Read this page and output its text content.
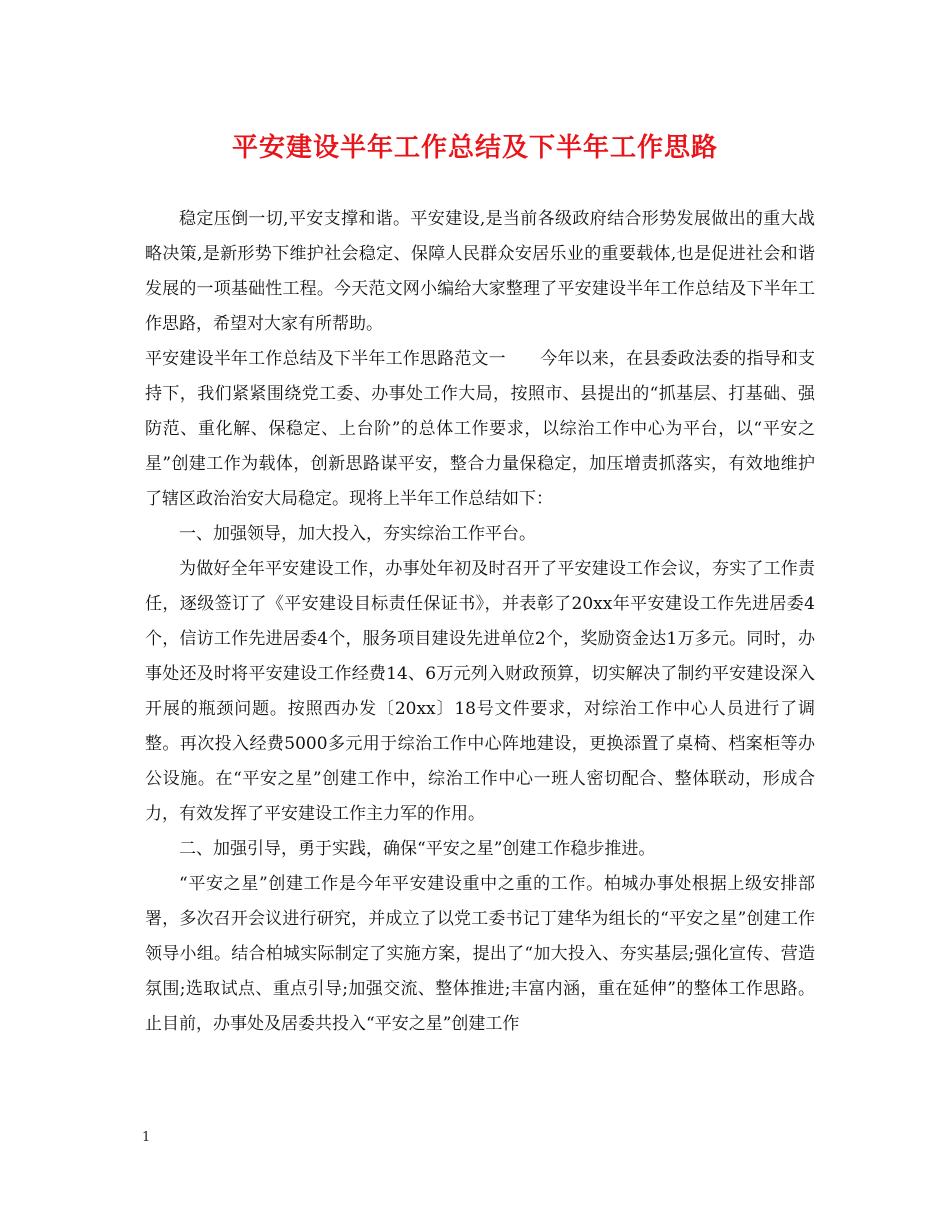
平安建设半年工作总结及下半年工作思路

稳定压倒一切,平安支撑和谐。平安建设,是当前各级政府结合形势发展做出的重大战略决策,是新形势下维护社会稳定、保障人民群众安居乐业的重要载体,也是促进社会和谐发展的一项基础性工程。今天范文网小编给大家整理了平安建设半年工作总结及下半年工作思路，希望对大家有所帮助。

平安建设半年工作总结及下半年工作思路范文一　　今年以来，在县委政法委的指导和支持下，我们紧紧围绕党工委、办事处工作大局，按照市、县提出的“抓基层、打基础、强防范、重化解、保稳定、上台阶”的总体工作要求，以综治工作中心为平台，以“平安之星”创建工作为载体，创新思路谋平安，整合力量保稳定，加压增责抓落实，有效地维护了辖区政治治安大局稳定。现将上半年工作总结如下：

一、加强领导，加大投入，夯实综治工作平台。

为做好全年平安建设工作，办事处年初及时召开了平安建设工作会议，夯实了工作责任，逐级签订了《平安建设目标责任保证书》，并表彰了20xx年平安建设工作先进居委4个，信访工作先进居委4个，服务项目建设先进单位2个，奖励资金达1万多元。同时，办事处还及时将平安建设工作经费14、6万元列入财政预算，切实解决了制约平安建设深入开展的瓶颈问题。按照西办发〔20xx〕18号文件要求，对综治工作中心人员进行了调整。再次投入经费5000多元用于综治工作中心阵地建设，更换添置了桌椅、档案柜等办公设施。在“平安之星”创建工作中，综治工作中心一班人密切配合、整体联动，形成合力，有效发挥了平安建设工作主力军的作用。

二、加强引导，勇于实践，确保“平安之星”创建工作稳步推进。

“平安之星”创建工作是今年平安建设重中之重的工作。柏城办事处根据上级安排部署，多次召开会议进行研究，并成立了以党工委书记丁建华为组长的“平安之星”创建工作领导小组。结合柏城实际制定了实施方案，提出了“加大投入、夯实基层;强化宣传、营造氛围;选取试点、重点引导;加强交流、整体推进;丰富内涵，重在延伸”的整体工作思路。止目前，办事处及居委共投入“平安之星”创建工作

1
